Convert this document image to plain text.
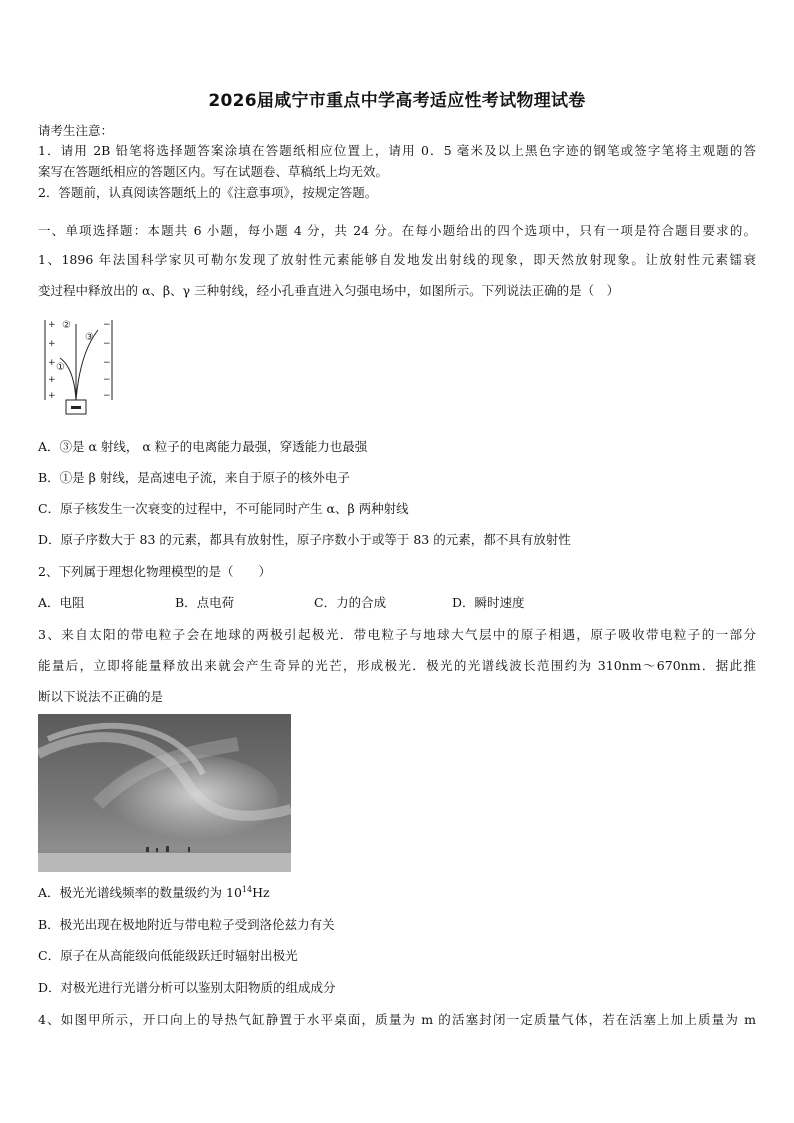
2026届咸宁市重点中学高考适应性考试物理试卷
请考生注意：
1．请用 2B 铅笔将选择题答案涂填在答题纸相应位置上，请用 0．5 毫米及以上黑色字迹的钢笔或签字笔将主观题的答
案写在答题纸相应的答题区内。写在试题卷、草稿纸上均无效。
2．答题前，认真阅读答题纸上的《注意事项》，按规定答题。
一、单项选择题：本题共 6 小题，每小题 4 分，共 24 分。在每小题给出的四个选项中，只有一项是符合题目要求的。
1、1896 年法国科学家贝可勒尔发现了放射性元素能够自发地发出射线的现象，即天然放射现象。让放射性元素镭衰
变过程中释放出的 α、β、γ 三种射线，经小孔垂直进入匀强电场中，如图所示。下列说法正确的是（　）
+
+
+
+
+
−
−
−
−
−
①
②
③
A．③是 α 射线， α 粒子的电离能力最强，穿透能力也最强
B．①是 β 射线，是高速电子流，来自于原子的核外电子
C．原子核发生一次衰变的过程中，不可能同时产生 α、β 两种射线
D．原子序数大于 83 的元素，都具有放射性，原子序数小于或等于 83 的元素，都不具有放射性
2、下列属于理想化物理模型的是（　　）
A．电阻	B．点电荷	C．力的合成	D．瞬时速度
3、来自太阳的带电粒子会在地球的两极引起极光．带电粒子与地球大气层中的原子相遇，原子吸收带电粒子的一部分
能量后，立即将能量释放出来就会产生奇异的光芒，形成极光．极光的光谱线波长范围约为 310nm～670nm．据此推
断以下说法不正确的是
A．极光光谱线频率的数量级约为 $10^{14}Hz$
B．极光出现在极地附近与带电粒子受到洛伦兹力有关
C．原子在从高能级向低能级跃迁时辐射出极光
D．对极光进行光谱分析可以鉴别太阳物质的组成成分
4、如图甲所示，开口向上的导热气缸静置于水平桌面，质量为 m 的活塞封闭一定质量气体，若在活塞上加上质量为 m
